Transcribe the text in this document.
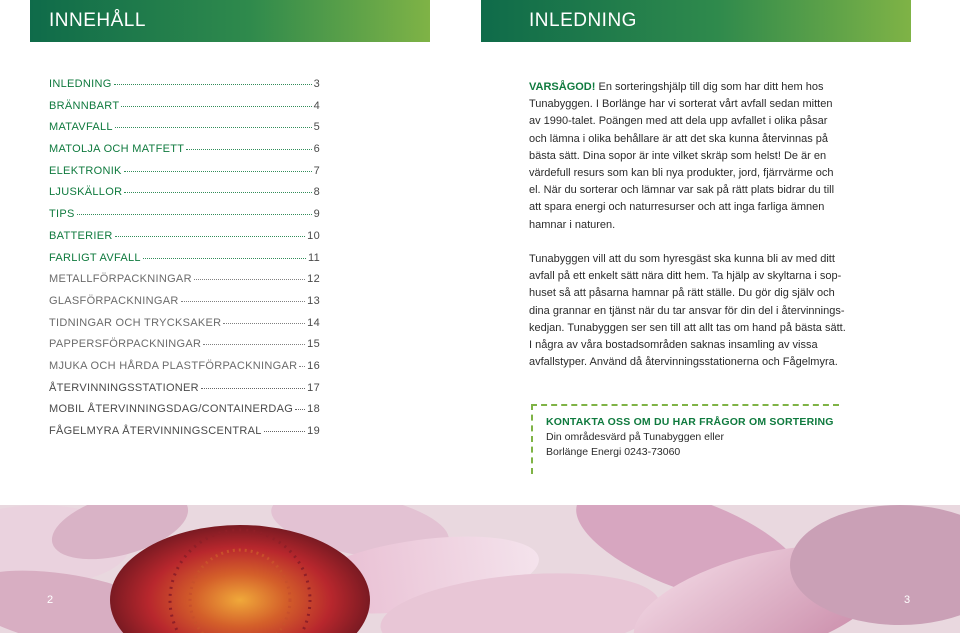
INNEHÅLL	INLEDNING
INLEDNING	3
BRÄNNBART	4
MATAVFALL	5
MATOLJA OCH MATFETT	6
ELEKTRONIK	7
LJUSKÄLLOR	8
TIPS	9
BATTERIER	10
FARLIGT AVFALL	11
METALLFÖRPACKNINGAR	12
GLASFÖRPACKNINGAR	13
TIDNINGAR OCH TRYCKSAKER	14
PAPPERSFÖRPACKNINGAR	15
MJUKA OCH HÅRDA PLASTFÖRPACKNINGAR 16
ÅTERVINNINGSSTATIONER	17
MOBIL ÅTERVINNINGSDAG/CONTAINERDAG 18
FÅGELMYRA ÅTERVINNINGSCENTRAL	19

VARSÅGOD! En sorteringshjälp till dig som har ditt hem hos Tunabyggen. I Borlänge har vi sorterat vårt avfall sedan mitten av 1990-talet. Poängen med att dela upp avfallet i olika påsar och lämna i olika behållare är att det ska kunna återvinnas på bästa sätt. Dina sopor är inte vilket skräp som helst! De är en värdefull resurs som kan bli nya produkter, jord, fjärrvärme och el. När du sorterar och lämnar var sak på rätt plats bidrar du till att spara energi och naturresurser och att inga farliga ämnen hamnar i naturen.

Tunabyggen vill att du som hyresgäst ska kunna bli av med ditt avfall på ett enkelt sätt nära ditt hem. Ta hjälp av skyltarna i sophuset så att påsarna hamnar på rätt ställe. Du gör dig själv och dina grannar en tjänst när du tar ansvar för din del i återvinningskedjan. Tunabyggen ser sen till att allt tas om hand på bästa sätt. I några av våra bostadsområden saknas insamling av vissa avfallstyper. Använd då återvinningsstationerna och Fågelmyra.

KONTAKTA OSS OM DU HAR FRÅGOR OM SORTERING
Din områdesvärd på Tunabyggen eller
Borlänge Energi 0243-73060
2	3
